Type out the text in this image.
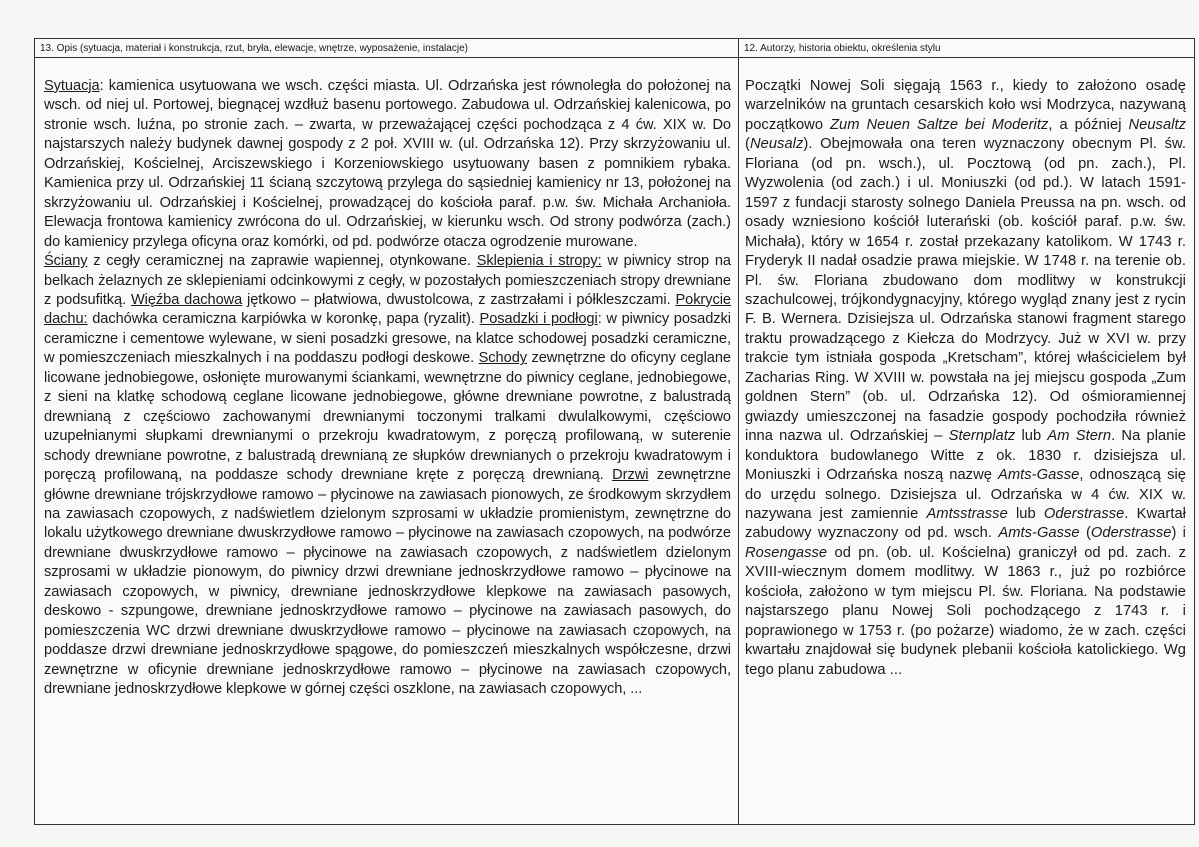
13. Opis (sytuacja, materiał i konstrukcja, rzut, bryła, elewacje, wnętrze, wyposażenie, instalacje)

Sytuacja: kamienica usytuowana we wsch. części miasta. Ul. Odrzańska jest równoległa do położonej na wsch. od niej ul. Portowej, biegnącej wzdłuż basenu portowego. Zabudowa ul. Odrzańskiej kalenicowa, po stronie wsch. luźna, po stronie zach. – zwarta, w przeważającej części pochodząca z 4 ćw. XIX w. Do najstarszych należy budynek dawnej gospody z 2 poł. XVIII w. (ul. Odrzańska 12). Przy skrzyżowaniu ul. Odrzańskiej, Kościelnej, Arciszewskiego i Korzeniowskiego usytuowany basen z pomnikiem rybaka. Kamienica przy ul. Odrzańskiej 11 ścianą szczytową przylega do sąsiedniej kamienicy nr 13, położonej na skrzyżowaniu ul. Odrzańskiej i Kościelnej, prowadzącej do kościoła paraf. p.w. św. Michała Archanioła. Elewacja frontowa kamienicy zwrócona do ul. Odrzańskiej, w kierunku wsch. Od strony podwórza (zach.) do kamienicy przylega oficyna oraz komórki, od pd. podwórze otacza ogrodzenie murowane.

Ściany z cegły ceramicznej na zaprawie wapiennej, otynkowane. Sklepienia i stropy: w piwnicy strop na belkach żelaznych ze sklepieniami odcinkowymi z cegły, w pozostałych pomieszczeniach stropy drewniane z podsufitką. Więźba dachowa jętkowo – płatwiowa, dwustolcowa, z zastrzałami i półkleszczami. Pokrycie dachu: dachówka ceramiczna karpiówka w koronkę, papa (ryzalit). Posadzki i podłogi: w piwnicy posadzki ceramiczne i cementowe wylewane, w sieni posadzki gresowe, na klatce schodowej posadzki ceramiczne, w pomieszczeniach mieszkalnych i na poddaszu podłogi deskowe. Schody zewnętrzne do oficyny ceglane licowane jednobiegowe, osłonięte murowanymi ściankami, wewnętrzne do piwnicy ceglane, jednobiegowe, z sieni na klatkę schodową ceglane licowane jednobiegowe, główne drewniane powrotne, z balustradą drewnianą z częściowo zachowanymi drewnianymi toczonymi tralkami dwulalkowymi, częściowo uzupełnianymi słupkami drewnianymi o przekroju kwadratowym, z poręczą profilowaną, w suterenie schody drewniane powrotne, z balustradą drewnianą ze słupków drewnianych o przekroju kwadratowym i poręczą profilowaną, na poddasze schody drewniane kręte z poręczą drewnianą. Drzwi zewnętrzne główne drewniane trójskrzydłowe ramowo – płycinowe na zawiasach pionowych, ze środkowym skrzydłem na zawiasach czopowych, z nadświetlem dzielonym szprosami w układzie promienistym, zewnętrzne do lokalu użytkowego drewniane dwuskrzydłowe ramowo – płycinowe na zawiasach czopowych, na podwórze drewniane dwuskrzydłowe ramowo – płycinowe na zawiasach czopowych, z nadświetlem dzielonym szprosami w układzie pionowym, do piwnicy drzwi drewniane jednoskrzydłowe ramowo – płycinowe na zawiasach czopowych, w piwnicy, drewniane jednoskrzydłowe klepkowe na zawiasach pasowych, deskowo - szpungowe, drewniane jednoskrzydłowe ramowo – płycinowe na zawiasach pasowych, do pomieszczenia WC drzwi drewniane dwuskrzydłowe ramowo – płycinowe na zawiasach czopowych, na poddasze drzwi drewniane jednoskrzydłowe spągowe, do pomieszczeń mieszkalnych współczesne, drzwi zewnętrzne w oficynie drewniane jednoskrzydłowe ramowo – płycinowe na zawiasach czopowych, drewniane jednoskrzydłowe klepkowe w górnej części oszklone, na zawiasach czopowych, ...

12. Autorzy, historia obiektu, określenia stylu

Początki Nowej Soli sięgają 1563 r., kiedy to założono osadę warzelników na gruntach cesarskich koło wsi Modrzyca, nazywaną początkowo Zum Neuen Saltze bei Moderitz, a później Neusaltz (Neusalz). Obejmowała ona teren wyznaczony obecnym Pl. św. Floriana (od pn. wsch.), ul. Pocztową (od pn. zach.), Pl. Wyzwolenia (od zach.) i ul. Moniuszki (od pd.). W latach 1591-1597 z fundacji starosty solnego Daniela Preussa na pn. wsch. od osady wzniesiono kościół luterański (ob. kościół paraf. p.w. św. Michała), który w 1654 r. został przekazany katolikom. W 1743 r. Fryderyk II nadał osadzie prawa miejskie. W 1748 r. na terenie ob. Pl. św. Floriana zbudowano dom modlitwy w konstrukcji szachulcowej, trójkondygnacyjny, którego wygląd znany jest z rycin F. B. Wernera. Dzisiejsza ul. Odrzańska stanowi fragment starego traktu prowadzącego z Kiełcza do Modrzycy. Już w XVI w. przy trakcie tym istniała gospoda „Kretscham”, której właścicielem był Zacharias Ring. W XVIII w. powstała na jej miejscu gospoda „Zum goldnen Stern” (ob. ul. Odrzańska 12). Od ośmioramiennej gwiazdy umieszczonej na fasadzie gospody pochodziła również inna nazwa ul. Odrzańskiej – Sternplatz lub Am Stern. Na planie konduktora budowlanego Witte z ok. 1830 r. dzisiejsza ul. Moniuszki i Odrzańska noszą nazwę Amts-Gasse, odnoszącą się do urzędu solnego. Dzisiejsza ul. Odrzańska w 4 ćw. XIX w. nazywana jest zamiennie Amtsstrasse lub Oderstrasse. Kwartał zabudowy wyznaczony od pd. wsch. Amts-Gasse (Oderstrasse) i Rosengasse od pn. (ob. ul. Kościelna) graniczył od pd. zach. z XVIII-wiecznym domem modlitwy. W 1863 r., już po rozbiórce kościoła, założono w tym miejscu Pl. św. Floriana. Na podstawie najstarszego planu Nowej Soli pochodzącego z 1743 r. i poprawionego w 1753 r. (po pożarze) wiadomo, że w zach. części kwartału znajdował się budynek plebanii kościoła katolickiego. Wg tego planu zabudowa ...
